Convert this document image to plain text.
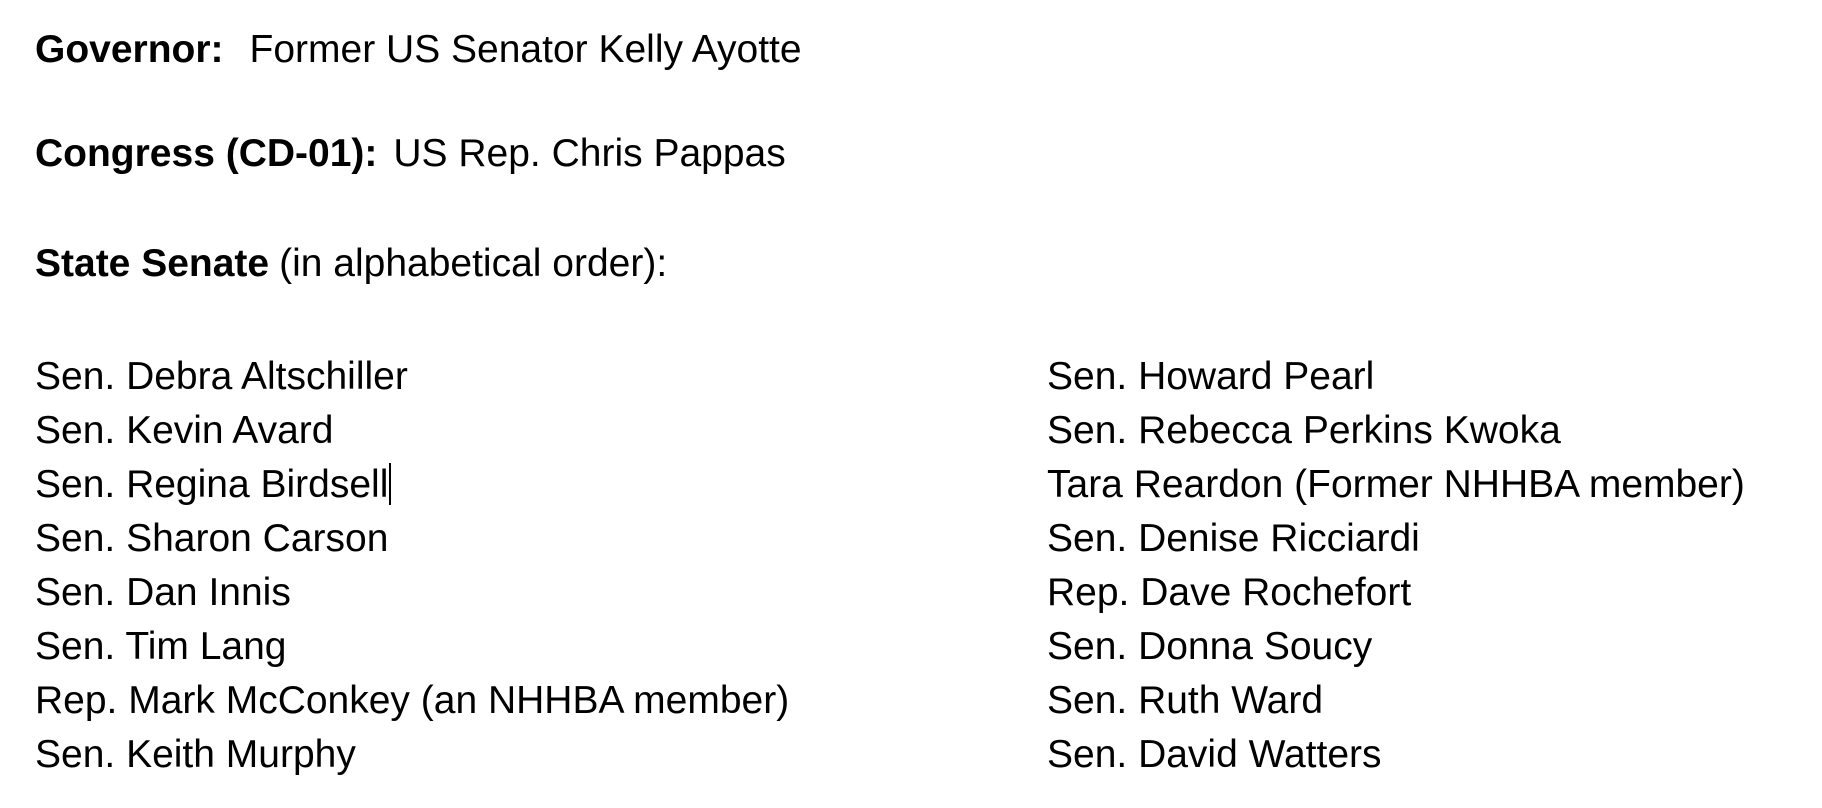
Governor: Former US Senator Kelly Ayotte
Congress (CD-01): US Rep. Chris Pappas
State Senate (in alphabetical order):
Sen. Debra Altschiller
Sen. Kevin Avard
Sen. Regina Birdsell
Sen. Sharon Carson
Sen. Dan Innis
Sen. Tim Lang
Rep. Mark McConkey (an NHHBA member)
Sen. Keith Murphy
Sen. Howard Pearl
Sen. Rebecca Perkins Kwoka
Tara Reardon (Former NHHBA member)
Sen. Denise Ricciardi
Rep. Dave Rochefort
Sen. Donna Soucy
Sen. Ruth Ward
Sen. David Watters
